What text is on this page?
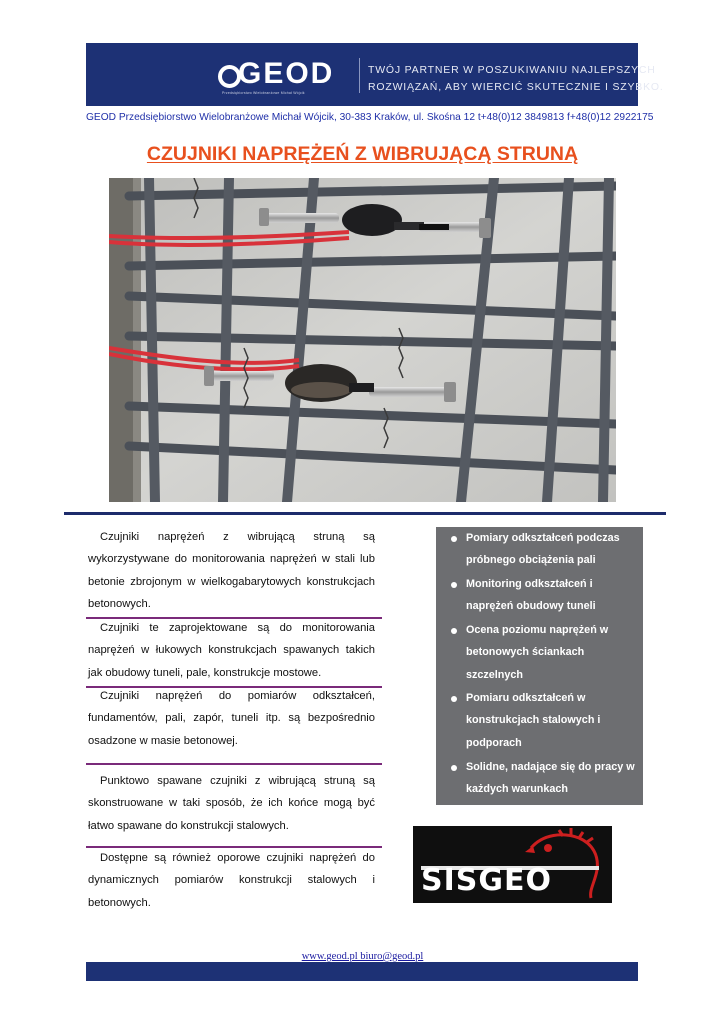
GEOD
Przedsiębiorstwo Wielobranżowe Michał Wójcik
TWÓJ PARTNER W POSZUKIWANIU NAJLEPSZYCH
ROZWIĄZAŃ, ABY WIERCIĆ SKUTECZNIE I SZYBKO.
GEOD Przedsiębiorstwo Wielobranżowe Michał Wójcik, 30-383 Kraków, ul. Skośna 12 t+48(0)12 3849813 f+48(0)12 2922175
CZUJNIKI NAPRĘŻEŃ Z WIBRUJĄCĄ STRUNĄ
Czujniki naprężeń z wibrującą struną są wykorzystywane do monitorowania naprężeń w stali lub betonie zbrojonym w wielkogabarytowych konstrukcjach betonowych.
Czujniki te zaprojektowane są do monitorowania naprężeń w łukowych konstrukcjach spawanych takich jak obudowy tuneli, pale, konstrukcje mostowe.
Czujniki naprężeń do pomiarów odkształceń, fundamentów, pali, zapór, tuneli itp. są bezpośrednio osadzone w masie betonowej.
Punktowo spawane czujniki z wibrującą struną są skonstruowane w taki sposób, że ich końce mogą być łatwo spawane do konstrukcji stalowych.
Dostępne są również oporowe czujniki naprężeń do dynamicznych pomiarów konstrukcji stalowych i betonowych.
Pomiary odkształceń podczas próbnego obciążenia pali
Monitoring odkształceń i naprężeń obudowy tuneli
Ocena poziomu naprężeń w betonowych ściankach szczelnych
Pomiaru odkształceń w konstrukcjach stalowych i podporach
Solidne, nadające się do pracy w każdych warunkach
SISGEO
www.geod.pl biuro@geod.pl
